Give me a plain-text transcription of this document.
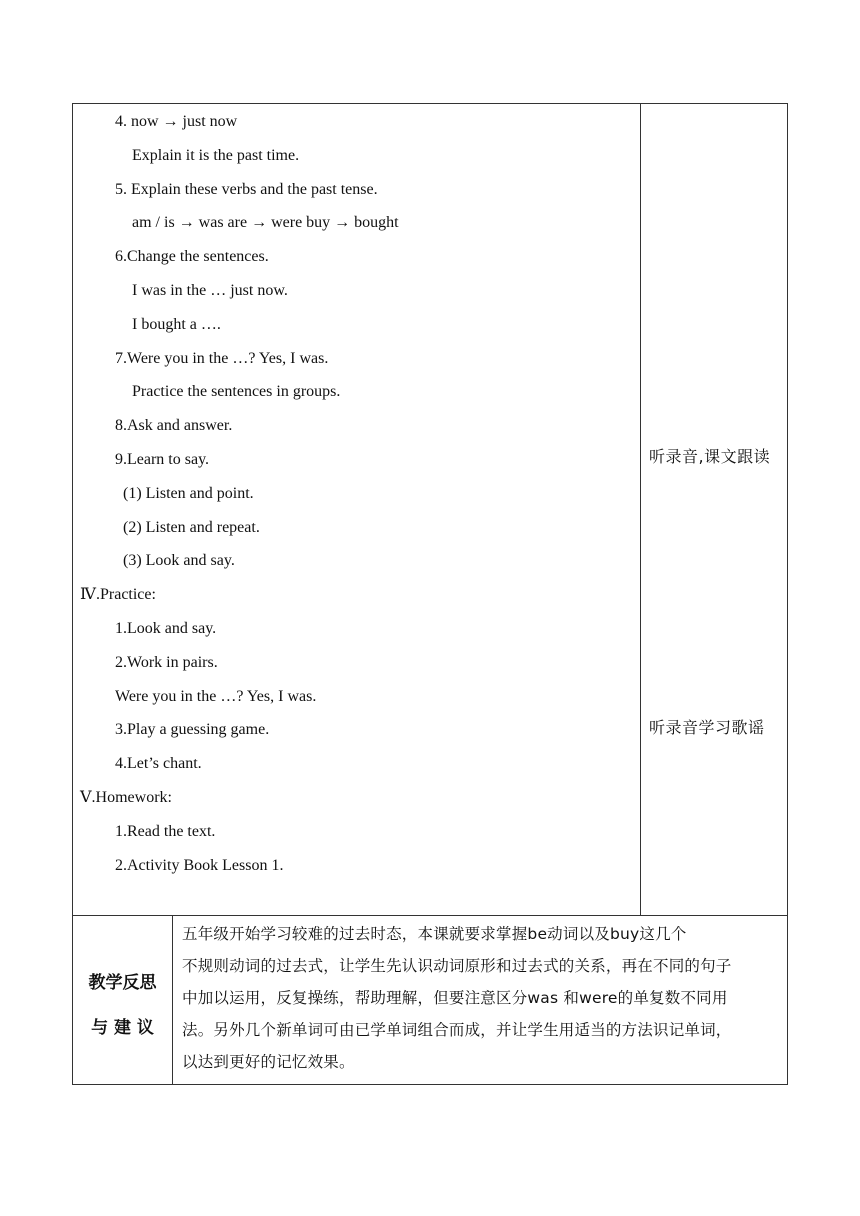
4. now → just now
Explain it is the past time.
5. Explain these verbs and the past tense.
am / is → was are → were buy → bought
6.Change the sentences.
I was in the … just now.
I bought a ….
7.Were you in the …? Yes, I was.
Practice the sentences in groups.
8.Ask and answer.
9.Learn to say.
(1) Listen and point.
(2) Listen and repeat.
(3) Look and say.
Ⅳ.Practice:
1.Look and say.
2.Work in pairs.
Were you in the …? Yes, I was.
3.Play a guessing game.
4.Let’s chant.
Ⅴ.Homework:
1.Read the text.
2.Activity Book Lesson 1.
听录音,课文跟读
听录音学习歌谣
教学反思
与 建 议
五年级开始学习较难的过去时态，本课就要求掌握be动词以及buy这几个
不规则动词的过去式，让学生先认识动词原形和过去式的关系，再在不同的句子
中加以运用，反复操练，帮助理解，但要注意区分was 和were的单复数不同用
法。另外几个新单词可由已学单词组合而成，并让学生用适当的方法识记单词，
以达到更好的记忆效果。
